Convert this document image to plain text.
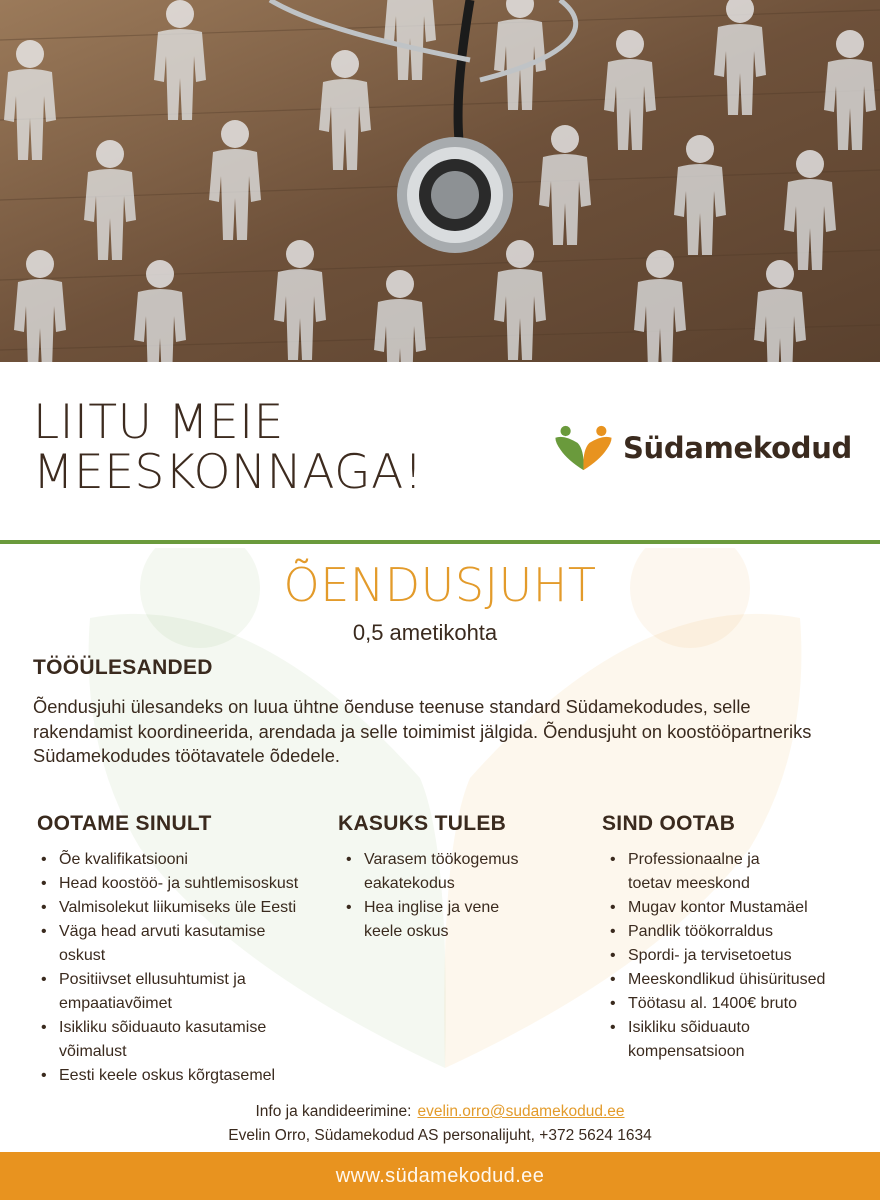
LIITU MEIE
MEESKONNAGA!	Südamekodud
ÕENDUSJUHT
0,5 ametikohta
TÖÖÜLESANDED

Õendusjuhi ülesandeks on luua ühtne õenduse teenuse standard Südamekodudes, selle rakendamist koordineerida, arendada ja selle toimimist jälgida. Õendusjuht on koostööpartneriks Südamekodudes töötavatele õdedele.

OOTAME SINULT
• Õe kvalifikatsiooni
• Head koostöö- ja suhtlemisoskust
• Valmisolekut liikumiseks üle Eesti
• Väga head arvuti kasutamise oskust
• Positiivset ellusuhtumist ja empaatiavõimet
• Isikliku sõiduauto kasutamise võimalust
• Eesti keele oskus kõrgtasemel
KASUKS TULEB
• Varasem töökogemus eakatekodus
• Hea inglise ja vene keele oskus
SIND OOTAB
• Professionaalne ja toetav meeskond
• Mugav kontor Mustamäel
• Pandlik töökorraldus
• Spordi- ja tervisetoetus
• Meeskondlikud ühisüritused
• Töötasu al. 1400€ bruto
• Isikliku sõiduauto kompensatsioon
Info ja kandideerimine: evelin.orro@sudamekodud.ee
Evelin Orro, Südamekodud AS personalijuht, +372 5624 1634
www.südamekodud.ee
